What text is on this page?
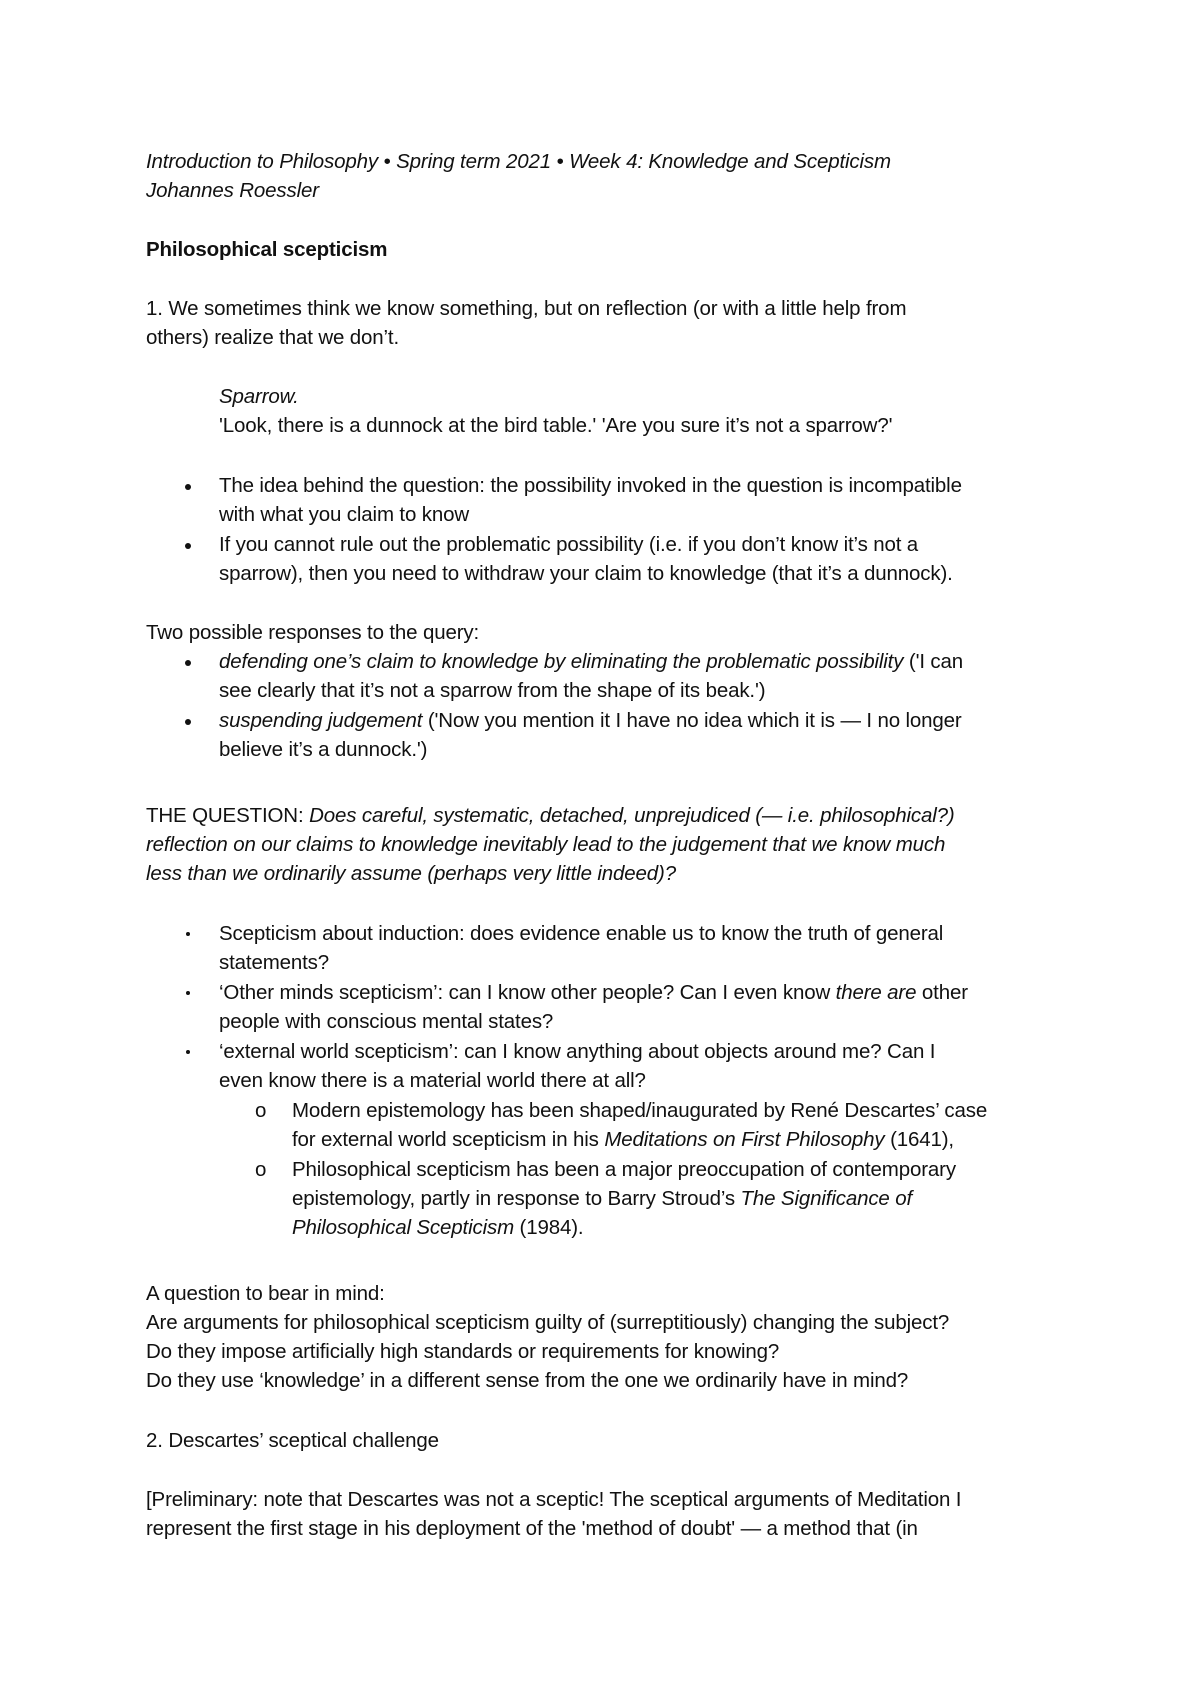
Introduction to Philosophy • Spring term 2021 • Week 4: Knowledge and Scepticism
Johannes Roessler
Philosophical scepticism
1. We sometimes think we know something, but on reflection (or with a little help from
others) realize that we don’t.
Sparrow.
'Look, there is a dunnock at the bird table.' 'Are you sure it’s not a sparrow?'
The idea behind the question: the possibility invoked in the question is incompatible
with what you claim to know
If you cannot rule out the problematic possibility (i.e. if you don’t know it’s not a
sparrow), then you need to withdraw your claim to knowledge (that it’s a dunnock).
Two possible responses to the query:
defending one’s claim to knowledge by eliminating the problematic possibility ('I can
see clearly that it’s not a sparrow from the shape of its beak.')
suspending judgement ('Now you mention it I have no idea which it is — I no longer
believe it’s a dunnock.')
THE QUESTION: Does careful, systematic, detached, unprejudiced (— i.e. philosophical?)
reflection on our claims to knowledge inevitably lead to the judgement that we know much
less than we ordinarily assume (perhaps very little indeed)?
Scepticism about induction: does evidence enable us to know the truth of general
statements?
‘Other minds scepticism’: can I know other people? Can I even know there are other
people with conscious mental states?
‘external world scepticism’: can I know anything about objects around me? Can I
even know there is a material world there at all?
o Modern epistemology has been shaped/inaugurated by René Descartes’ case
for external world scepticism in his Meditations on First Philosophy (1641),
o Philosophical scepticism has been a major preoccupation of contemporary
epistemology, partly in response to Barry Stroud’s The Significance of
Philosophical Scepticism (1984).
A question to bear in mind:
Are arguments for philosophical scepticism guilty of (surreptitiously) changing the subject?
Do they impose artificially high standards or requirements for knowing?
Do they use ‘knowledge’ in a different sense from the one we ordinarily have in mind?
2. Descartes’ sceptical challenge
[Preliminary: note that Descartes was not a sceptic! The sceptical arguments of Meditation I
represent the first stage in his deployment of the 'method of doubt' — a method that (in
